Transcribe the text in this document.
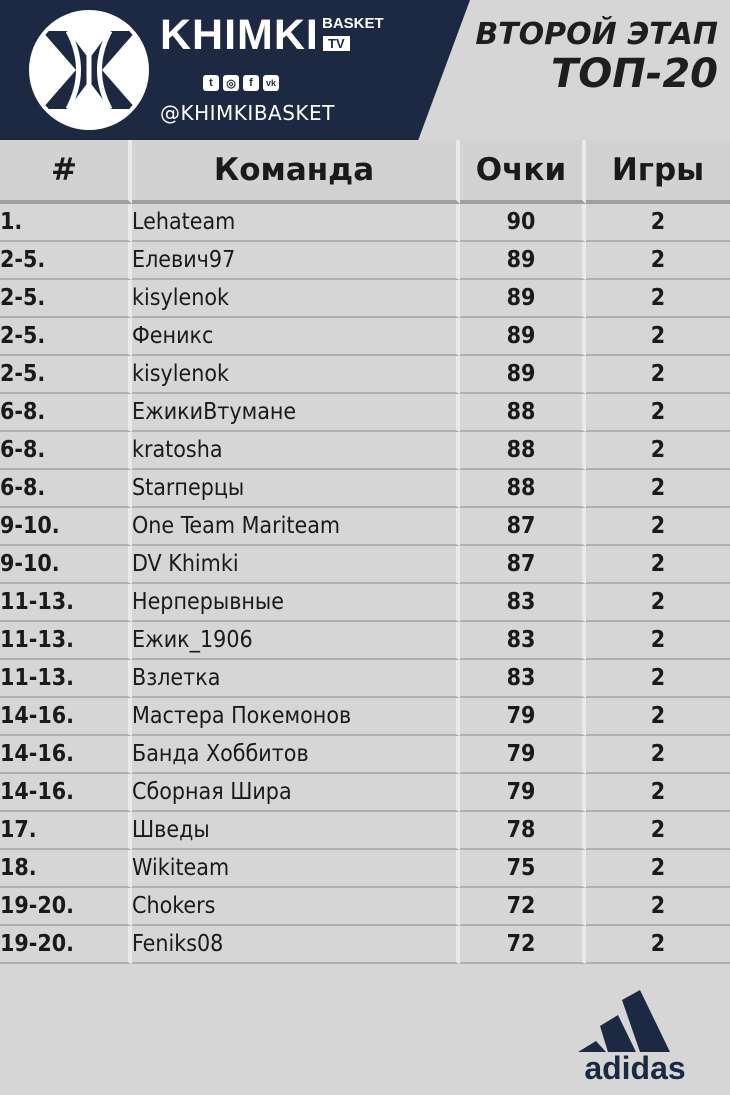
KHIMKI BASKET
TV
t	◎	f	vk
@KHIMKIBASKET
ВТОРОЙ ЭТАП
ТОП-20
#	Команда	Очки	Игры
1.	Lehateam	90	2
2-5.	Елевич97	89	2
2-5.	kisylenok	89	2
2-5.	Феникс	89	2
2-5.	kisylenok	89	2
6-8.	ЕжикиВтумане	88	2
6-8.	kratosha	88	2
6-8.	Starперцы	88	2
9-10.	One Team Mariteam	87	2
9-10.	DV Khimki	87	2
11-13.	Нерперывные	83	2
11-13.	Ежик_1906	83	2
11-13.	Взлетка	83	2
14-16.	Мастера Покемонов	79	2
14-16.	Банда Хоббитов	79	2
14-16.	Сборная Шира	79	2
17.	Шведы	78	2
18.	Wikiteam	75	2
19-20.	Chokers	72	2
19-20.	Feniks08	72	2
adidas
